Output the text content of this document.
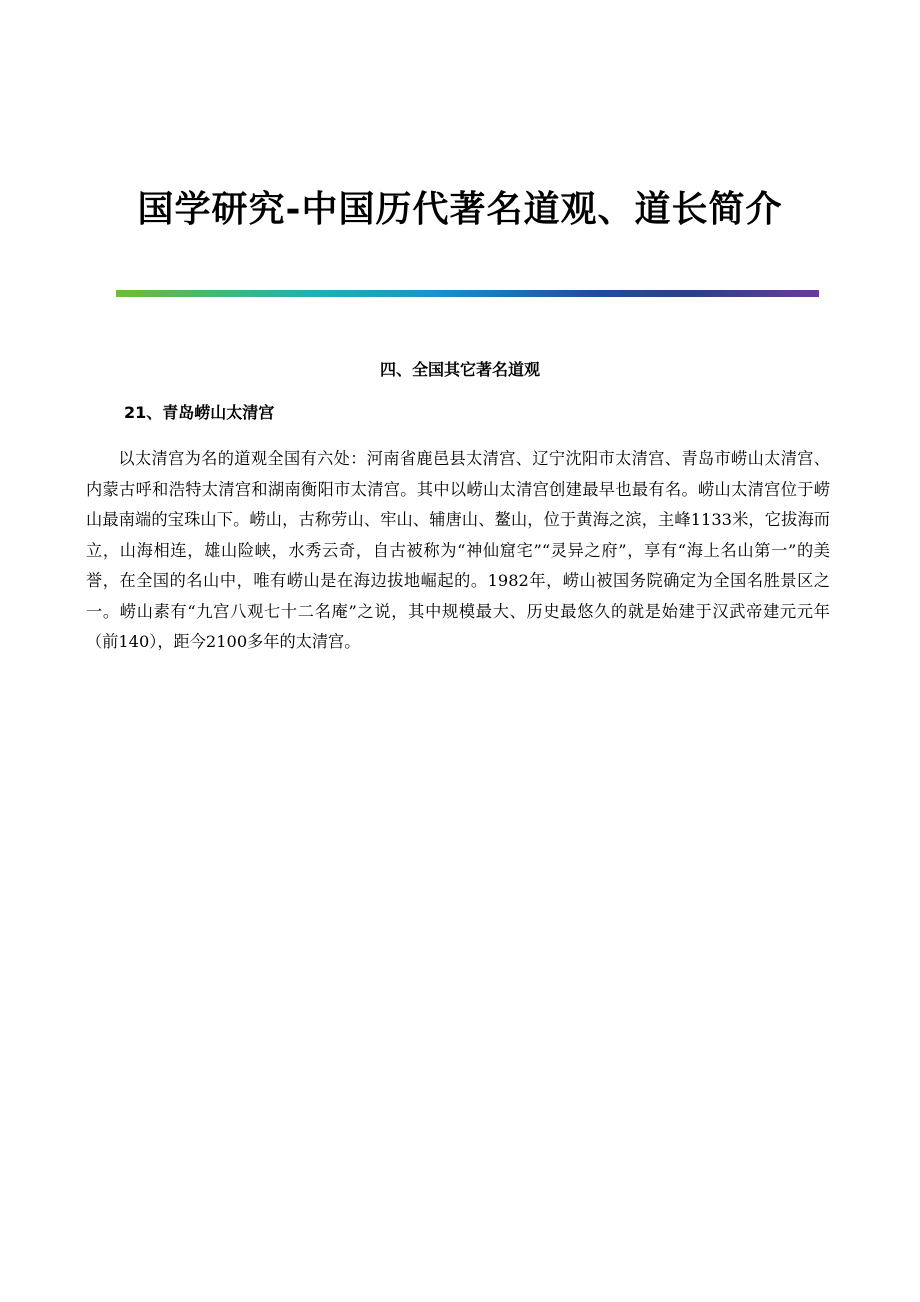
国学研究-中国历代著名道观、道长简介
四、全国其它著名道观
21、青岛崂山太清宫

以太清宫为名的道观全国有六处：河南省鹿邑县太清宫、辽宁沈阳市太清宫、青岛市崂山太清宫、内蒙古呼和浩特太清宫和湖南衡阳市太清宫。其中以崂山太清宫创建最早也最有名。崂山太清宫位于崂山最南端的宝珠山下。崂山，古称劳山、牢山、辅唐山、鳌山，位于黄海之滨，主峰1133米，它拔海而立，山海相连，雄山险峡，水秀云奇，自古被称为“神仙窟宅”“灵异之府”，享有“海上名山第一”的美誉，在全国的名山中，唯有崂山是在海边拔地崛起的。1982年，崂山被国务院确定为全国名胜景区之一。崂山素有“九宫八观七十二名庵”之说，其中规模最大、历史最悠久的就是始建于汉武帝建元元年（前140），距今2100多年的太清宫。
